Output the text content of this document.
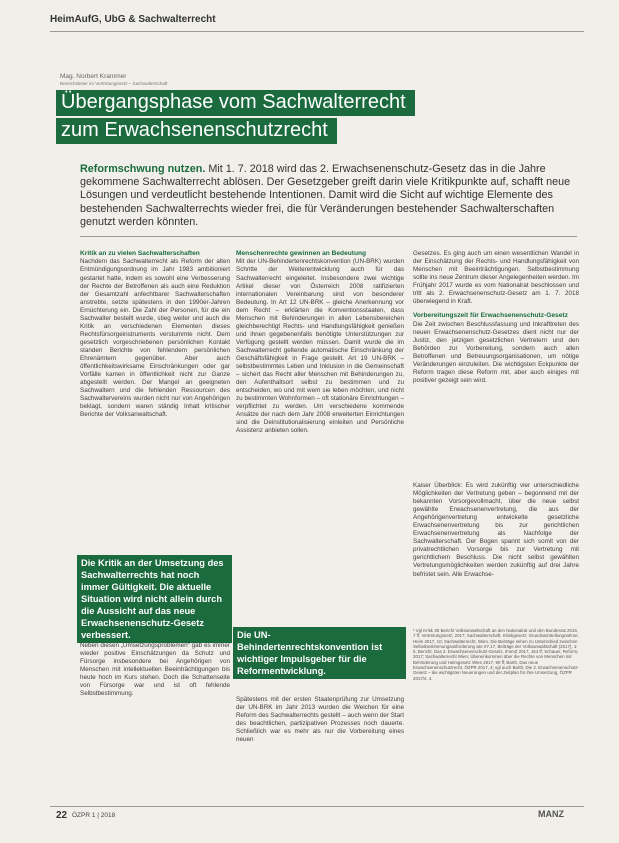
HeimAufG, UbG & Sachwalterrecht
Mag. Norbert Krammer
Bereichsleiter im Vertretungsnetz – Sachwalterschaft
Übergangsphase vom Sachwalterrecht
zum Erwachsenenschutzrecht
Reformschwung nutzen. Mit 1. 7. 2018 wird das 2. Erwachsenenschutz-Gesetz das in die Jahre gekommene Sachwalterrecht ablösen. Der Gesetzgeber greift darin viele Kritikpunkte auf, schafft neue Lösungen und verdeutlicht bestehende Intentionen. Damit wird die Sicht auf wichtige Elemente des bestehenden Sachwalterrechts wieder frei, die für Veränderungen bestehender Sachwalterschaften genutzt werden könnten.
Kritik an zu vielen Sachwalterschaften
Nachdem das Sachwalterrecht als Reform der alten Entmündigungsordnung im Jahr 1983 ambitioniert gestartet hatte, indem es sowohl eine Verbesserung der Rechte der Betroffenen als auch eine Reduktion der Gesamtzahl anfechtbarer Sachwalterschaften anstrebte, setzte spätestens in den 1990er-Jahren Ernüchterung ein. Die Zahl der Personen, für die ein Sachwalter bestellt wurde, stieg weiter und auch die Kritik an verschiedenen Elementen dieses Rechtsfürsorgeinstruments verstummte nicht. Dem gesetzlich vorgeschriebenen persönlichen Kontakt standen Berichte von fehlendem persönlichen Ehrenämtern gegenüber. Aber auch öffentlichkeitswirksame Einschränkungen oder gar Vorfälle kamen in öffentlichkeit nicht zur Ganze abgestellt werden. Der Mangel an geeigneten Sachwaltern und die fehlenden Ressourcen des Sachwaltervereins wurden nicht nur von Angehörigen beklagt, sondern waren ständig Inhalt kritischer Berichte der Volksanwaltschaft.
Die Kritik an der Umsetzung des Sachwalterrechts hat noch immer Gültigkeit. Die aktuelle Situation wird nicht allein durch die Aussicht auf das neue Erwachsenenschutz-Gesetz verbessert.
Neben diesen „Umsetzungsproblemen“ gab es immer wieder positive Einschätzungen da Schutz und Fürsorge insbesondere bei Angehörigen von Menschen mit intellektuellen Beeinträchtigungen bis heute hoch im Kurs stehen. Doch die Schattenseite von Fürsorge war und ist oft fehlende Selbstbestimmung.
Menschenrechte gewinnen an Bedeutung
Mit der UN-Behindertenrechtskonvention (UN-BRK) wurden Schritte der Weiterentwicklung auch für das Sachwalterrecht eingeleitet. Insbesondere zwei wichtige Artikel dieser von Österreich 2008 ratifizierten internationalen Vereinbarung sind von besonderer Bedeutung. In Art 12 UN-BRK – gleiche Anerkennung vor dem Recht – erklärten die Konventionsstaaten, dass Menschen mit Behinderungen in allen Lebensbereichen gleichberechtigt Rechts- und Handlungsfähigkeit genießen und ihnen gegebenenfalls benötigte Unterstützungen zur Verfügung gestellt werden müssen. Damit wurde die im Sachwalterrecht geltende automatische Einschränkung der Geschäftsfähigkeit in Frage gestellt. Art 19 UN-BRK – selbstbestimmtes Leben und Inklusion in die Gemeinschaft – sichert das Recht aller Menschen mit Behinderungen zu, den Aufenthaltsort selbst zu bestimmen und zu entscheiden, wo und mit wem sie leben möchten, und nicht zu bestimmten Wohnformen – oft stationäre Einrichtungen – verpflichtet zu werden. Um verschiedene kommende Ansätze der nach dem Jahr 2008 erweiterten Einrichtungen sind die Deinstitutionalisierung einleiten und Persönliche Assistenz anbieten sollen.
Die UN-Behindertenrechtskonvention ist wichtiger Impulsgeber für die Reformentwicklung.
Spätestens mit der ersten Staatenprüfung zur Umsetzung der UN-BRK im Jahr 2013 wurden die Weichen für eine Reform des Sachwalterrechts gestellt – auch wenn der Start des beachtlichen, partizipativen Prozesses noch dauerte. Schließlich war es mehr als nur die Vorbereitung eines neuen
Gesetzes. Es ging auch um einen wesentlichen Wandel in der Einschätzung der Rechts- und Handlungsfähigkeit von Menschen mit Beeinträchtigungen. Selbstbestimmung sollte ins neue Zentrum dieser Angelegenheiten werden. Im Frühjahr 2017 wurde es vom Nationalrat beschlossen und tritt als 2. Erwachsenenschutz-Gesetz am 1. 7. 2018 überwiegend in Kraft.
Vorbereitungszeit für Erwachsenenschutz-Gesetz
Die Zeit zwischen Beschlussfassung und Inkrafttreten des neuen Erwachsenenschutz-Gesetzes dient nicht nur der Justiz, den jetzigen gesetzlichen Vertretern und den Behörden zur Vorbereitung, sondern auch allen Betroffenen und Betreuungsorganisationen, um nötige Veränderungen einzuleiten. Die wichtigsten Eckpunkte der Reform tragen diese Reform mit, aber auch einiges mit positiver gezeigt sein wird.
Kaiser Überblick: Es wird zukünftig vier unterschiedliche Möglichkeiten der Vertretung geben – begonnend mit der bekannten Vorsorgevollmacht, über die neue selbst gewählte Erwachsenenvertretung, die aus der Angehörigenvertretung entwickelte gesetzliche Erwachsenenvertretung bis zur gerichtlichen Erwachsenenvertretung als Nachfolge der Sachwalterschaft. Der Bogen spannt sich somit von der privatrechtlichen Vorsorge bis zur Vertretung mit gerichtlichem Beschluss. Die nicht selbst gewählten Vertretungsmöglichkeiten werden zukünftig auf drei Jahre befristet sein. Alle Erwachse-
¹ Vgl Kritik zB Bericht Volksanwaltschaft an den Nationalrat und den Bundesrat 2015, 7 ff; Vertretungsnetz; 2017; Sachwalterschaft, Klinikgesetz; Grundsatzstellungnahme; Heim 2017, 10; Sachwalterrecht, Wien. Die Beiträge sehen zu Unterschied zwischen Selbstbestimmungsanforderung wie 07.17, Beiträge der Volksanwaltschaft (2017), 1-5; Bericht. Das 2. Erwachsenenschutz-Gesetz, iFamZ 2017, 164 ff; Schauer, Reform; 2017; Sachwalterrecht Wien; Übereinkommen über die Rechte von Menschen mit Behinderung und Heimgesetz Wien 2017, 90 ff; Barth, Das neue Erwachsenenschutzrecht, ÖZPR 2017, 4; vgl auch Barth, Die 2. Erwachsenenschutz-Gesetz – die wichtigsten Neuerungen und der Zeitplan für ihre Umsetzung, ÖZPR 2017/4, 4.
22 ÖZPR 1 | 2018	MANZ
